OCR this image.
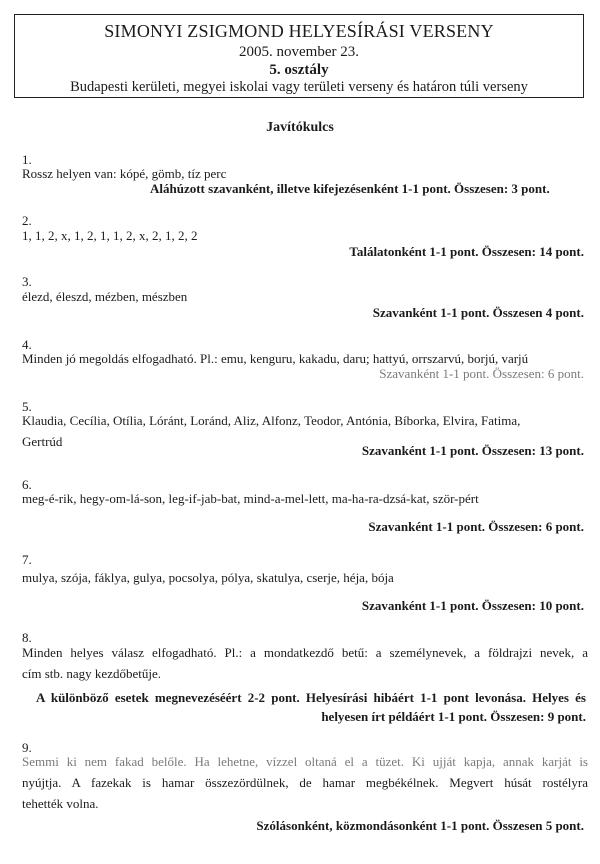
SIMONYI ZSIGMOND HELYESÍRÁSI VERSENY
2005. november 23.
5. osztály
Budapesti kerületi, megyei iskolai vagy területi verseny és határon túli verseny
Javítókulcs
1.
Rossz helyen van: kópé, gömb, tíz perc
Aláhúzott szavanként, illetve kifejezésenként 1-1 pont. Összesen: 3 pont.
2.
1, 1, 2, x, 1, 2, 1, 1, 2, x, 2, 1, 2, 2
Találatonként 1-1 pont. Összesen: 14 pont.
3.
élezd, éleszd, mézben, mészben
Szavanként 1-1 pont. Összesen 4 pont.
4.
Minden jó megoldás elfogadható. Pl.: emu, kenguru, kakadu, daru; hattyú, orrszarvú, borjú, varjú
Szavanként 1-1 pont. Összesen: 6 pont.
5.
Klaudia, Cecília, Otília, Lóránt, Loránd, Aliz, Alfonz, Teodor, Antónia, Bíborka, Elvira, Fatima,
Gertrúd
Szavanként 1-1 pont. Összesen: 13 pont.
6.
meg-é-rik, hegy-om-lá-son, leg-if-jab-bat, mind-a-mel-lett, ma-ha-ra-dzsá-kat, ször-pért
Szavanként 1-1 pont. Összesen: 6 pont.
7.
mulya, szója, fáklya, gulya, pocsolya, pólya, skatulya, cserje, héja, bója
Szavanként 1-1 pont. Összesen: 10 pont.
8.
Minden helyes válasz elfogadható. Pl.: a mondatkezdő betű: a személynevek, a földrajzi nevek, a
cím stb. nagy kezdőbetűje.
A különböző esetek megnevezéséért 2-2 pont. Helyesírási hibáért 1-1 pont levonása. Helyes és
helyesen írt példáért 1-1 pont. Összesen: 9 pont.
9.
Semmi ki nem fakad belőle. Ha lehetne, vízzel oltaná el a tüzet. Ki ujját kapja, annak karját is
nyújtja. A fazekak is hamar összezördülnek, de hamar megbékélnek. Megvert húsát rostélyra
tehették volna.
Szólásonként, közmondásonként 1-1 pont. Összesen 5 pont.
